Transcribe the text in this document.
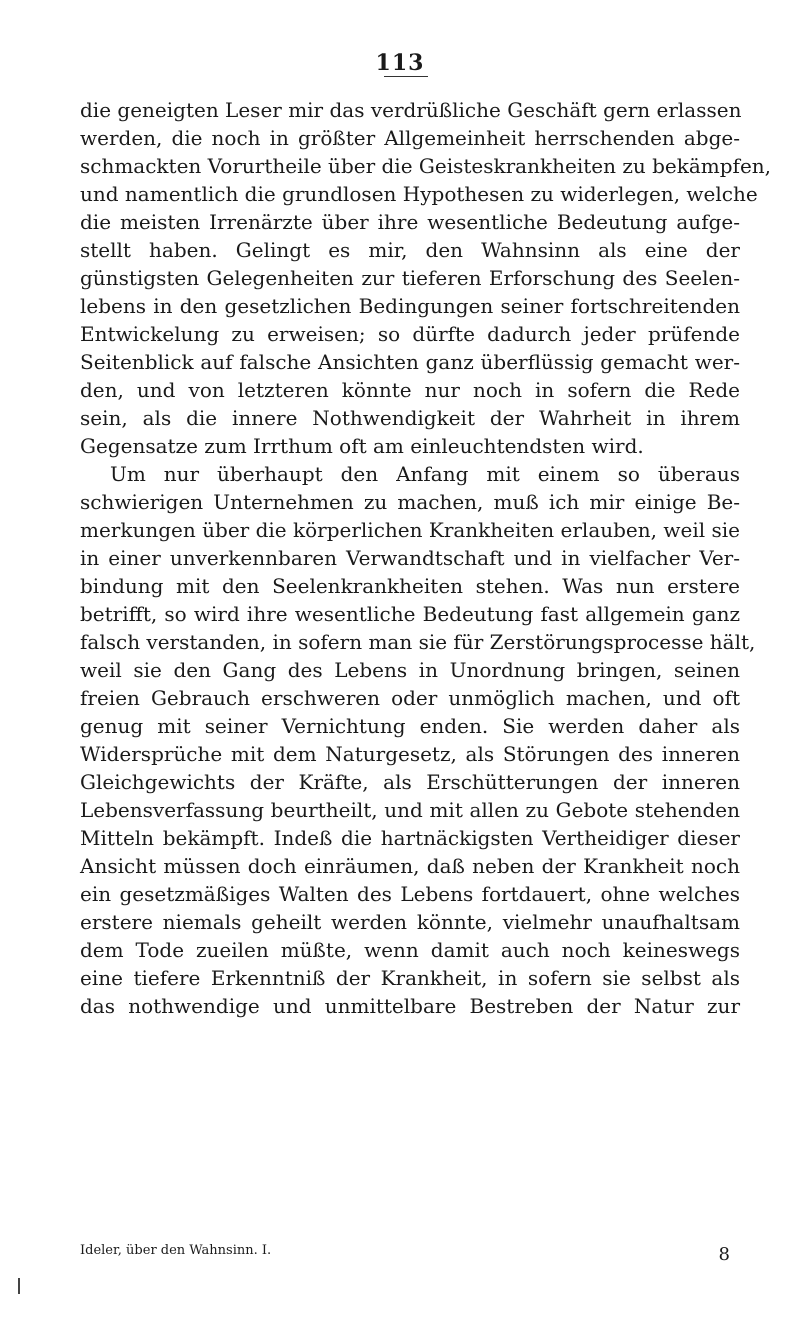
113
die geneigten Leser mir das verdrüßliche Geschäft gern erlassen
werden, die noch in größter Allgemeinheit herrschenden abge-
schmackten Vorurtheile über die Geisteskrankheiten zu bekämpfen,
und namentlich die grundlosen Hypothesen zu widerlegen, welche
die meisten Irrenärzte über ihre wesentliche Bedeutung aufge-
stellt haben. Gelingt es mir, den Wahnsinn als eine der
günstigsten Gelegenheiten zur tieferen Erforschung des Seelen-
lebens in den gesetzlichen Bedingungen seiner fortschreitenden
Entwickelung zu erweisen; so dürfte dadurch jeder prüfende
Seitenblick auf falsche Ansichten ganz überflüssig gemacht wer-
den, und von letzteren könnte nur noch in sofern die Rede
sein, als die innere Nothwendigkeit der Wahrheit in ihrem
Gegensatze zum Irrthum oft am einleuchtendsten wird.
Um nur überhaupt den Anfang mit einem so überaus
schwierigen Unternehmen zu machen, muß ich mir einige Be-
merkungen über die körperlichen Krankheiten erlauben, weil sie
in einer unverkennbaren Verwandtschaft und in vielfacher Ver-
bindung mit den Seelenkrankheiten stehen. Was nun erstere
betrifft, so wird ihre wesentliche Bedeutung fast allgemein ganz
falsch verstanden, in sofern man sie für Zerstörungsprocesse hält,
weil sie den Gang des Lebens in Unordnung bringen, seinen
freien Gebrauch erschweren oder unmöglich machen, und oft
genug mit seiner Vernichtung enden. Sie werden daher als
Widersprüche mit dem Naturgesetz, als Störungen des inneren
Gleichgewichts der Kräfte, als Erschütterungen der inneren
Lebensverfassung beurtheilt, und mit allen zu Gebote stehenden
Mitteln bekämpft. Indeß die hartnäckigsten Vertheidiger dieser
Ansicht müssen doch einräumen, daß neben der Krankheit noch
ein gesetzmäßiges Walten des Lebens fortdauert, ohne welches
erstere niemals geheilt werden könnte, vielmehr unaufhaltsam
dem Tode zueilen müßte, wenn damit auch noch keineswegs
eine tiefere Erkenntniß der Krankheit, in sofern sie selbst als
das nothwendige und unmittelbare Bestreben der Natur zur
Ideler, über den Wahnsinn. I.	8
